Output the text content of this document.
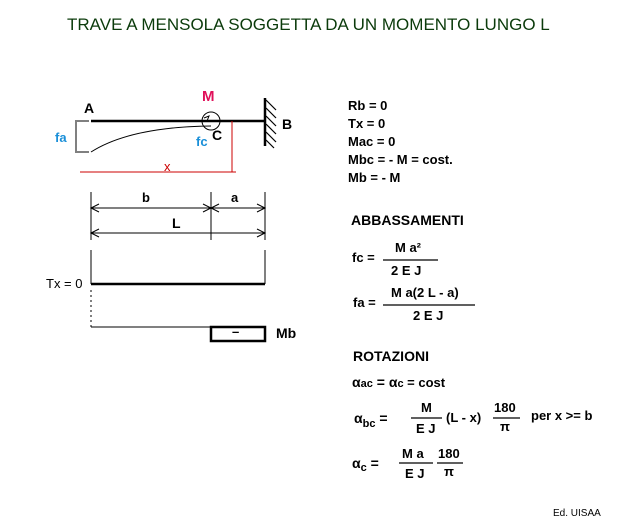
TRAVE A MENSOLA SOGGETTA DA UN MOMENTO LUNGO L
A
M
C
B
fa	fc
x
b	a
L
Tx = 0
–	Mb
Rb = 0
Tx = 0
Mac = 0
Mbc = - M = cost.
Mb = - M
ABBASSAMENTI
fc =
M a²
2 E J
fa =
M a(2 L - a)
2 E J
ROTAZIONI
αac = αc = cost
$\alpha_{bc}$ =
M
E J
(L - x)
180
π
per x >= b
$\alpha_c$ =
M a
E J
180
π
Ed. UISAA
